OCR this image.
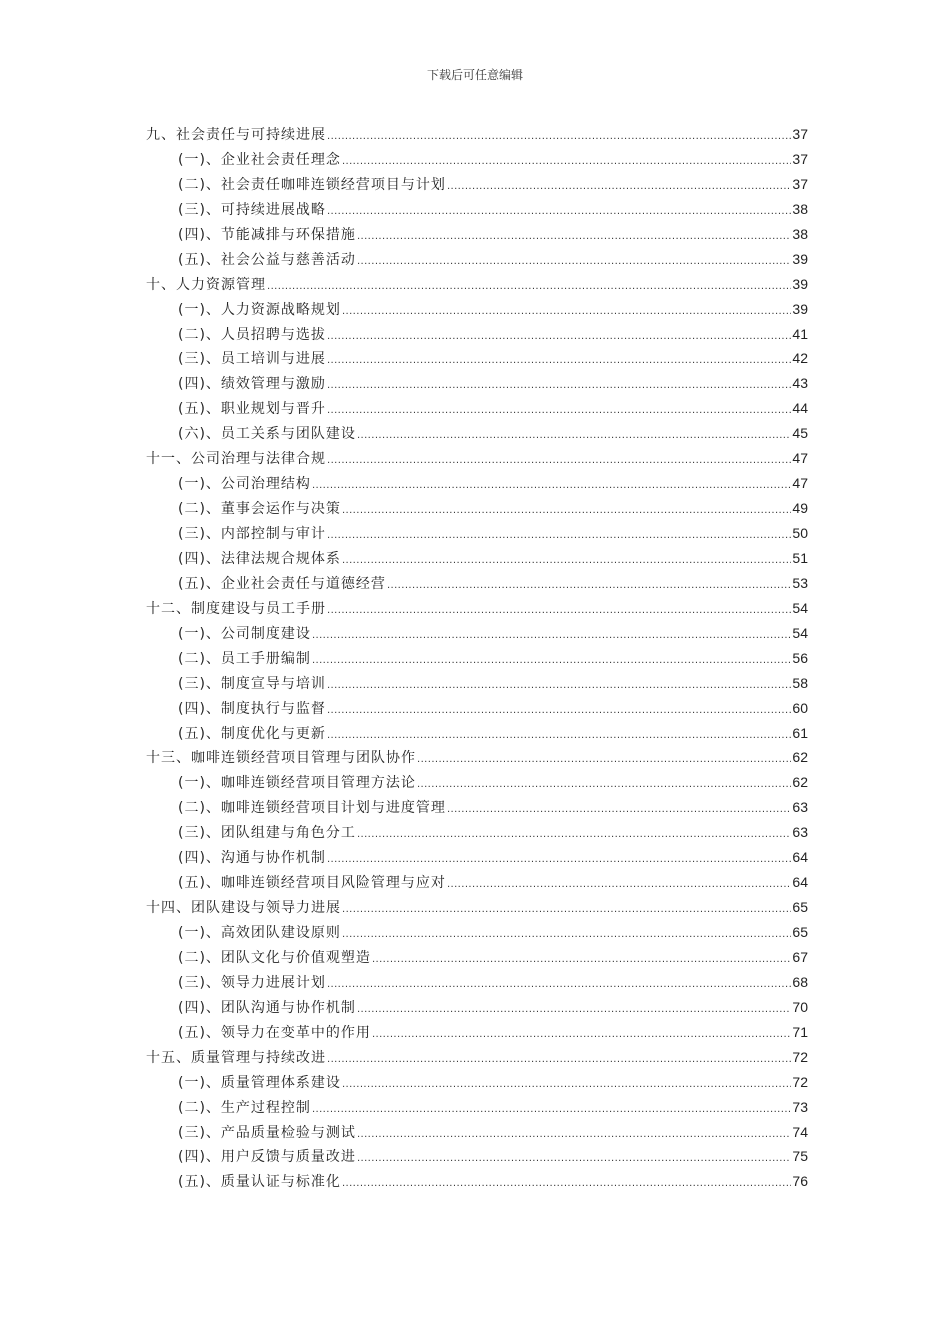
下载后可任意编辑
九、社会责任与可持续进展 .....	37
(一)、企业社会责任理念 .....	37
(二)、社会责任咖啡连锁经营项目与计划 .....	37
(三)、可持续进展战略 .....	38
(四)、节能减排与环保措施 .....	38
(五)、社会公益与慈善活动 .....	39
十、人力资源管理 .....	39
(一)、人力资源战略规划 .....	39
(二)、人员招聘与选拔 .....	41
(三)、员工培训与进展 .....	42
(四)、绩效管理与激励 .....	43
(五)、职业规划与晋升 .....	44
(六)、员工关系与团队建设 .....	45
十一、公司治理与法律合规 .....	47
(一)、公司治理结构 .....	47
(二)、董事会运作与决策 .....	49
(三)、内部控制与审计 .....	50
(四)、法律法规合规体系 .....	51
(五)、企业社会责任与道德经营 .....	53
十二、制度建设与员工手册 .....	54
(一)、公司制度建设 .....	54
(二)、员工手册编制 .....	56
(三)、制度宣导与培训 .....	58
(四)、制度执行与监督 .....	60
(五)、制度优化与更新 .....	61
十三、咖啡连锁经营项目管理与团队协作 .....	62
(一)、咖啡连锁经营项目管理方法论 .....	62
(二)、咖啡连锁经营项目计划与进度管理 .....	63
(三)、团队组建与角色分工 .....	63
(四)、沟通与协作机制 .....	64
(五)、咖啡连锁经营项目风险管理与应对 .....	64
十四、团队建设与领导力进展 .....	65
(一)、高效团队建设原则 .....	65
(二)、团队文化与价值观塑造 .....	67
(三)、领导力进展计划 .....	68
(四)、团队沟通与协作机制 .....	70
(五)、领导力在变革中的作用 .....	71
十五、质量管理与持续改进 .....	72
(一)、质量管理体系建设 .....	72
(二)、生产过程控制 .....	73
(三)、产品质量检验与测试 .....	74
(四)、用户反馈与质量改进 .....	75
(五)、质量认证与标准化 .....	76
